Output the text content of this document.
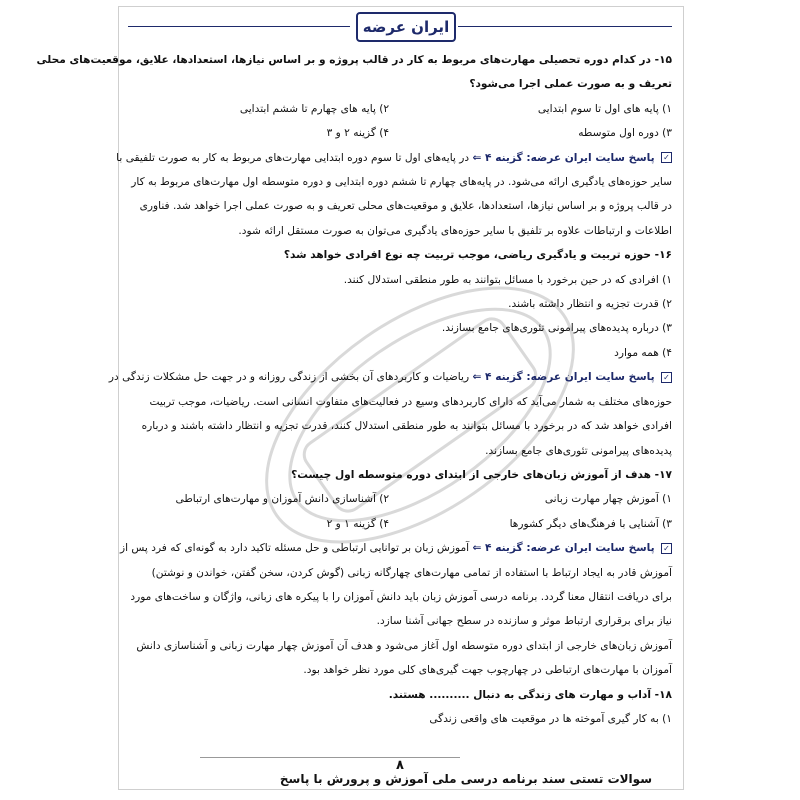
ایران عرضه
۱۵- در کدام دوره تحصیلی مهارت‌های مربوط به کار در قالب پروژه و بر اساس نیازها، استعدادها، علایق، موقعیت‌های محلی
تعریف و به صورت عملی اجرا می‌شود؟
۱) پایه های اول تا سوم ابتدایی
۲) پایه های چهارم تا ششم ابتدایی
۳) دوره اول متوسطه
۴) گزینه ۲ و ۳
✓ پاسخ سایت ایران عرضه: گزینه ۴ ⇐ در پایه‌های اول تا سوم دوره ابتدایی مهارت‌های مربوط به کار به صورت تلفیقی با
سایر حوزه‌های یادگیری ارائه می‌شود. در پایه‌های چهارم تا ششم دوره ابتدایی و دوره متوسطه اول مهارت‌های مربوط به کار
در قالب پروژه و بر اساس نیازها، استعدادها، علایق و موقعیت‌های محلی تعریف و به صورت عملی اجرا خواهد شد. فناوری
اطلاعات و ارتباطات علاوه بر تلفیق با سایر حوزه‌های یادگیری می‌توان به صورت مستقل ارائه شود.
۱۶- حوزه تربیت و یادگیری ریاضی، موجب تربیت چه نوع افرادی خواهد شد؟
۱) افرادی که در حین برخورد با مسائل بتوانند به طور منطقی استدلال کنند.
۲) قدرت تجزیه و انتظار داشته باشند.
۳) درباره پدیده‌های پیرامونی تئوری‌های جامع بسازند.
۴) همه موارد
✓ پاسخ سایت ایران عرضه: گزینه ۴ ⇐ ریاضیات و کاربردهای آن بخشی از زندگی روزانه و در جهت حل مشکلات زندگی در
حوزه‌های مختلف به شمار می‌آید که دارای کاربردهای وسیع در فعالیت‌های متفاوت انسانی است. ریاضیات، موجب تربیت
افرادی خواهد شد که در برخورد با مسائل بتوانند به طور منطقی استدلال کنند، قدرت تجزیه و انتظار داشته باشند و درباره
پدیده‌های پیرامونی تئوری‌های جامع بسازند.
۱۷- هدف از آموزش زبان‌های خارجی از ابتدای دوره متوسطه اول چیست؟
۱) آموزش چهار مهارت زبانی
۲) آشناسازی دانش آموزان و مهارت‌های ارتباطی
۳) آشنایی با فرهنگ‌های دیگر کشورها
۴) گزینه ۱ و ۲
✓ پاسخ سایت ایران عرضه: گزینه ۴ ⇐ آموزش زبان بر توانایی ارتباطی و حل مسئله تاکید دارد به گونه‌ای که فرد پس از
آموزش قادر به ایجاد ارتباط با استفاده از تمامی مهارت‌های چهارگانه زبانی (گوش کردن، سخن گفتن، خواندن و نوشتن)
برای دریافت انتقال معنا گردد. برنامه درسی آموزش زبان باید دانش آموزان را با پیکره های زبانی، واژگان و ساخت‌های مورد
نیاز برای برقراری ارتباط موثر و سازنده در سطح جهانی آشنا سازد.
آموزش زبان‌های خارجی از ابتدای دوره متوسطه اول آغاز می‌شود و هدف آن آموزش چهار مهارت زبانی و آشناسازی دانش
آموزان با مهارت‌های ارتباطی در چهارچوب جهت گیری‌های کلی مورد نظر خواهد بود.
۱۸- آداب و مهارت های زندگی به دنبال .......... هستند.
۱) به کار گیری آموخته ها در موقعیت های واقعی زندگی
۸
سوالات تستی سند برنامه درسی ملی آموزش و پرورش با پاسخ
